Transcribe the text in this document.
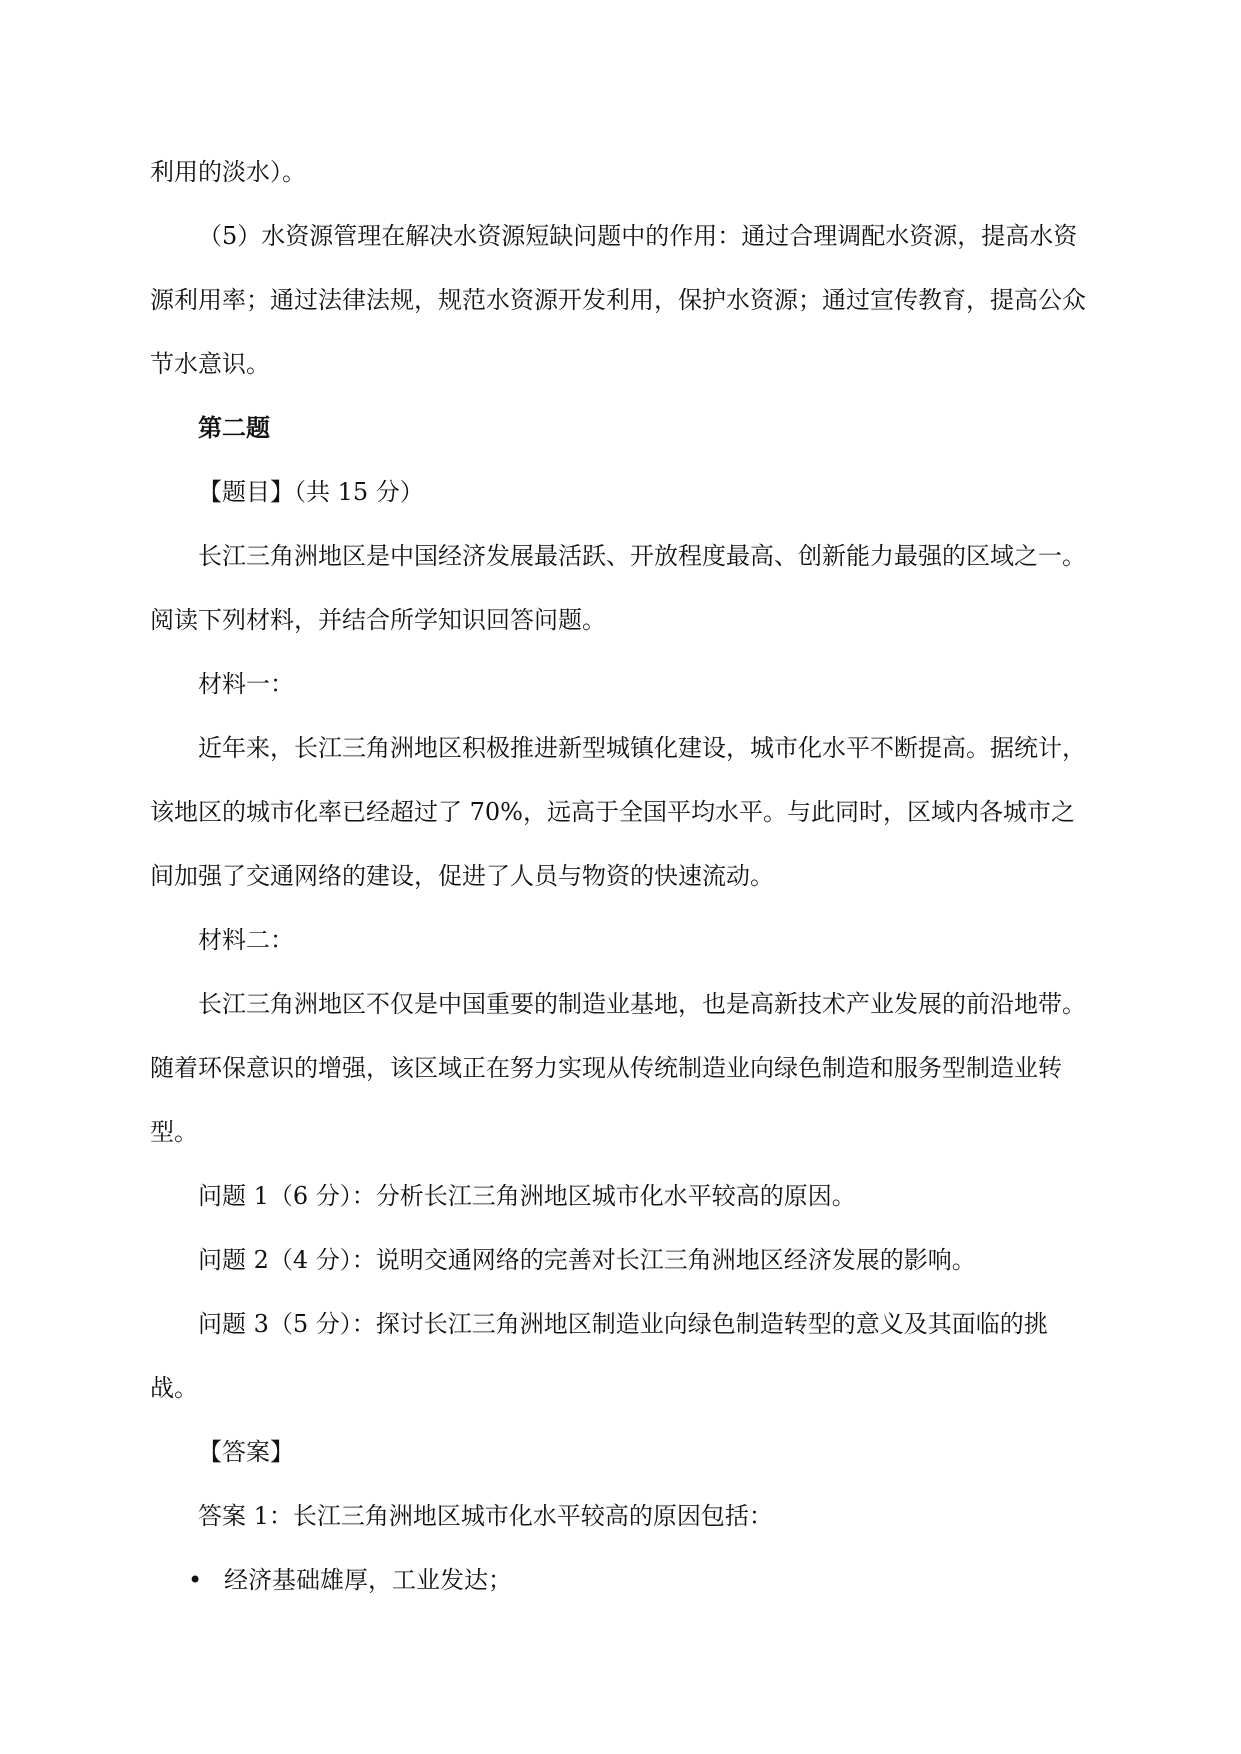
利用的淡水）。

（5）水资源管理在解决水资源短缺问题中的作用：通过合理调配水资源，提高水资源利用率；通过法律法规，规范水资源开发利用，保护水资源；通过宣传教育，提高公众节水意识。

第二题

【题目】（共 15 分）

长江三角洲地区是中国经济发展最活跃、开放程度最高、创新能力最强的区域之一。阅读下列材料，并结合所学知识回答问题。

材料一：

近年来，长江三角洲地区积极推进新型城镇化建设，城市化水平不断提高。据统计，该地区的城市化率已经超过了 70%，远高于全国平均水平。与此同时，区域内各城市之间加强了交通网络的建设，促进了人员与物资的快速流动。

材料二：

长江三角洲地区不仅是中国重要的制造业基地，也是高新技术产业发展的前沿地带。随着环保意识的增强，该区域正在努力实现从传统制造业向绿色制造和服务型制造业转型。

问题 1（6 分）：分析长江三角洲地区城市化水平较高的原因。

问题 2（4 分）：说明交通网络的完善对长江三角洲地区经济发展的影响。

问题 3（5 分）：探讨长江三角洲地区制造业向绿色制造转型的意义及其面临的挑战。

【答案】

答案 1：长江三角洲地区城市化水平较高的原因包括：

• 经济基础雄厚，工业发达；
